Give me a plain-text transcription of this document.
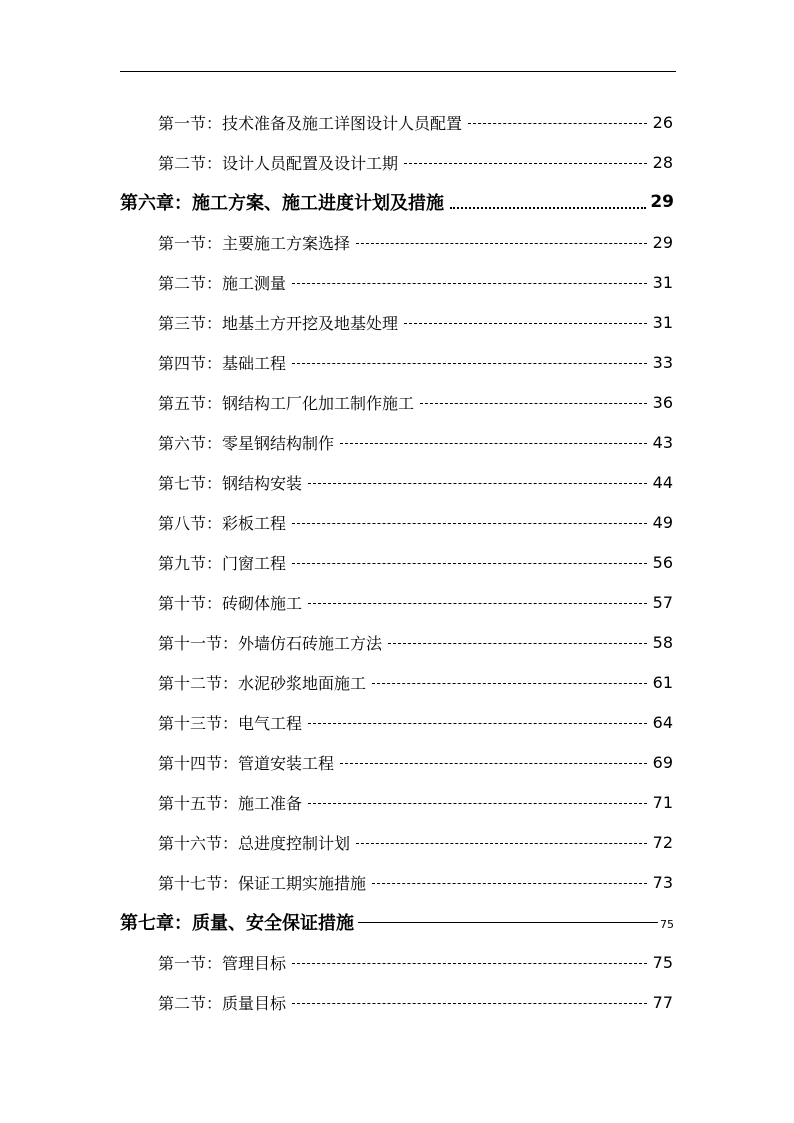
第一节：技术准备及施工详图设计人员配置	26
第二节：设计人员配置及设计工期	28
第六章：施工方案、施工进度计划及措施	29
第一节：主要施工方案选择	29
第二节：施工测量	31
第三节：地基土方开挖及地基处理	31
第四节：基础工程	33
第五节：钢结构工厂化加工制作施工	36
第六节：零星钢结构制作	43
第七节：钢结构安装	44
第八节：彩板工程	49
第九节：门窗工程	56
第十节：砖砌体施工	57
第十一节：外墙仿石砖施工方法	58
第十二节：水泥砂浆地面施工	61
第十三节：电气工程	64
第十四节：管道安装工程	69
第十五节：施工准备	71
第十六节：总进度控制计划	72
第十七节：保证工期实施措施	73
第七章：质量、安全保证措施	75
第一节：管理目标	75
第二节：质量目标	77
